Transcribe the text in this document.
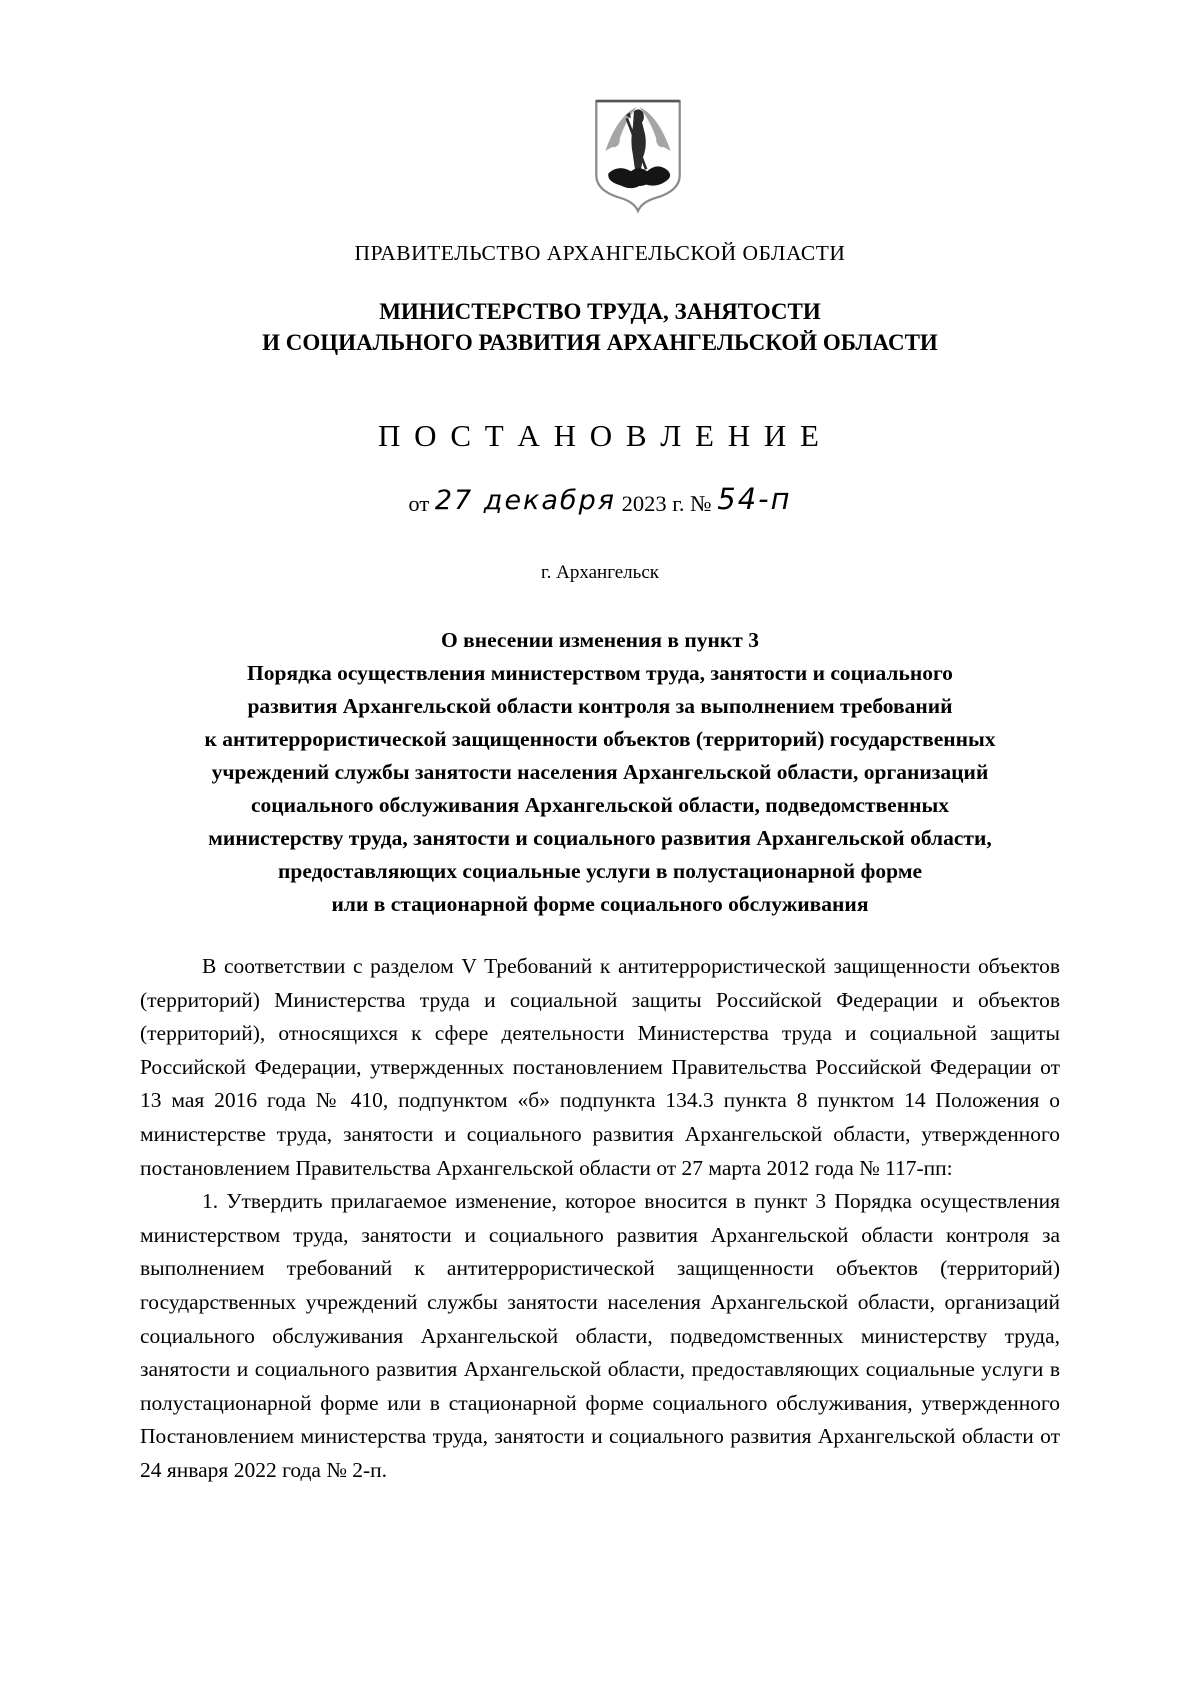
ПРАВИТЕЛЬСТВО АРХАНГЕЛЬСКОЙ ОБЛАСТИ
МИНИСТЕРСТВО ТРУДА, ЗАНЯТОСТИ
И СОЦИАЛЬНОГО РАЗВИТИЯ АРХАНГЕЛЬСКОЙ ОБЛАСТИ
П О С Т А Н О В Л Е Н И Е
от 27 декабря 2023 г. № 54-п
г. Архангельск
О внесении изменения в пункт 3
Порядка осуществления министерством труда, занятости и социального
развития Архангельской области контроля за выполнением требований
к антитеррористической защищенности объектов (территорий) государственных
учреждений службы занятости населения Архангельской области, организаций
социального обслуживания Архангельской области, подведомственных
министерству труда, занятости и социального развития Архангельской области,
предоставляющих социальные услуги в полустационарной форме
или в стационарной форме социального обслуживания

В соответствии с разделом V Требований к антитеррористической защищенности объектов (территорий) Министерства труда и социальной защиты Российской Федерации и объектов (территорий), относящихся к сфере деятельности Министерства труда и социальной защиты Российской Федерации, утвержденных постановлением Правительства Российской Федерации от 13 мая 2016 года № 410, подпунктом «б» подпункта 134.3 пункта 8 пунктом 14 Положения о министерстве труда, занятости и социального развития Архангельской области, утвержденного постановлением Правительства Архангельской области от 27 марта 2012 года № 117-пп:

1. Утвердить прилагаемое изменение, которое вносится в пункт 3 Порядка осуществления министерством труда, занятости и социального развития Архангельской области контроля за выполнением требований к антитеррористической защищенности объектов (территорий) государственных учреждений службы занятости населения Архангельской области, организаций социального обслуживания Архангельской области, подведомственных министерству труда, занятости и социального развития Архангельской области, предоставляющих социальные услуги в полустационарной форме или в стационарной форме социального обслуживания, утвержденного Постановлением министерства труда, занятости и социального развития Архангельской области от 24 января 2022 года № 2-п.
